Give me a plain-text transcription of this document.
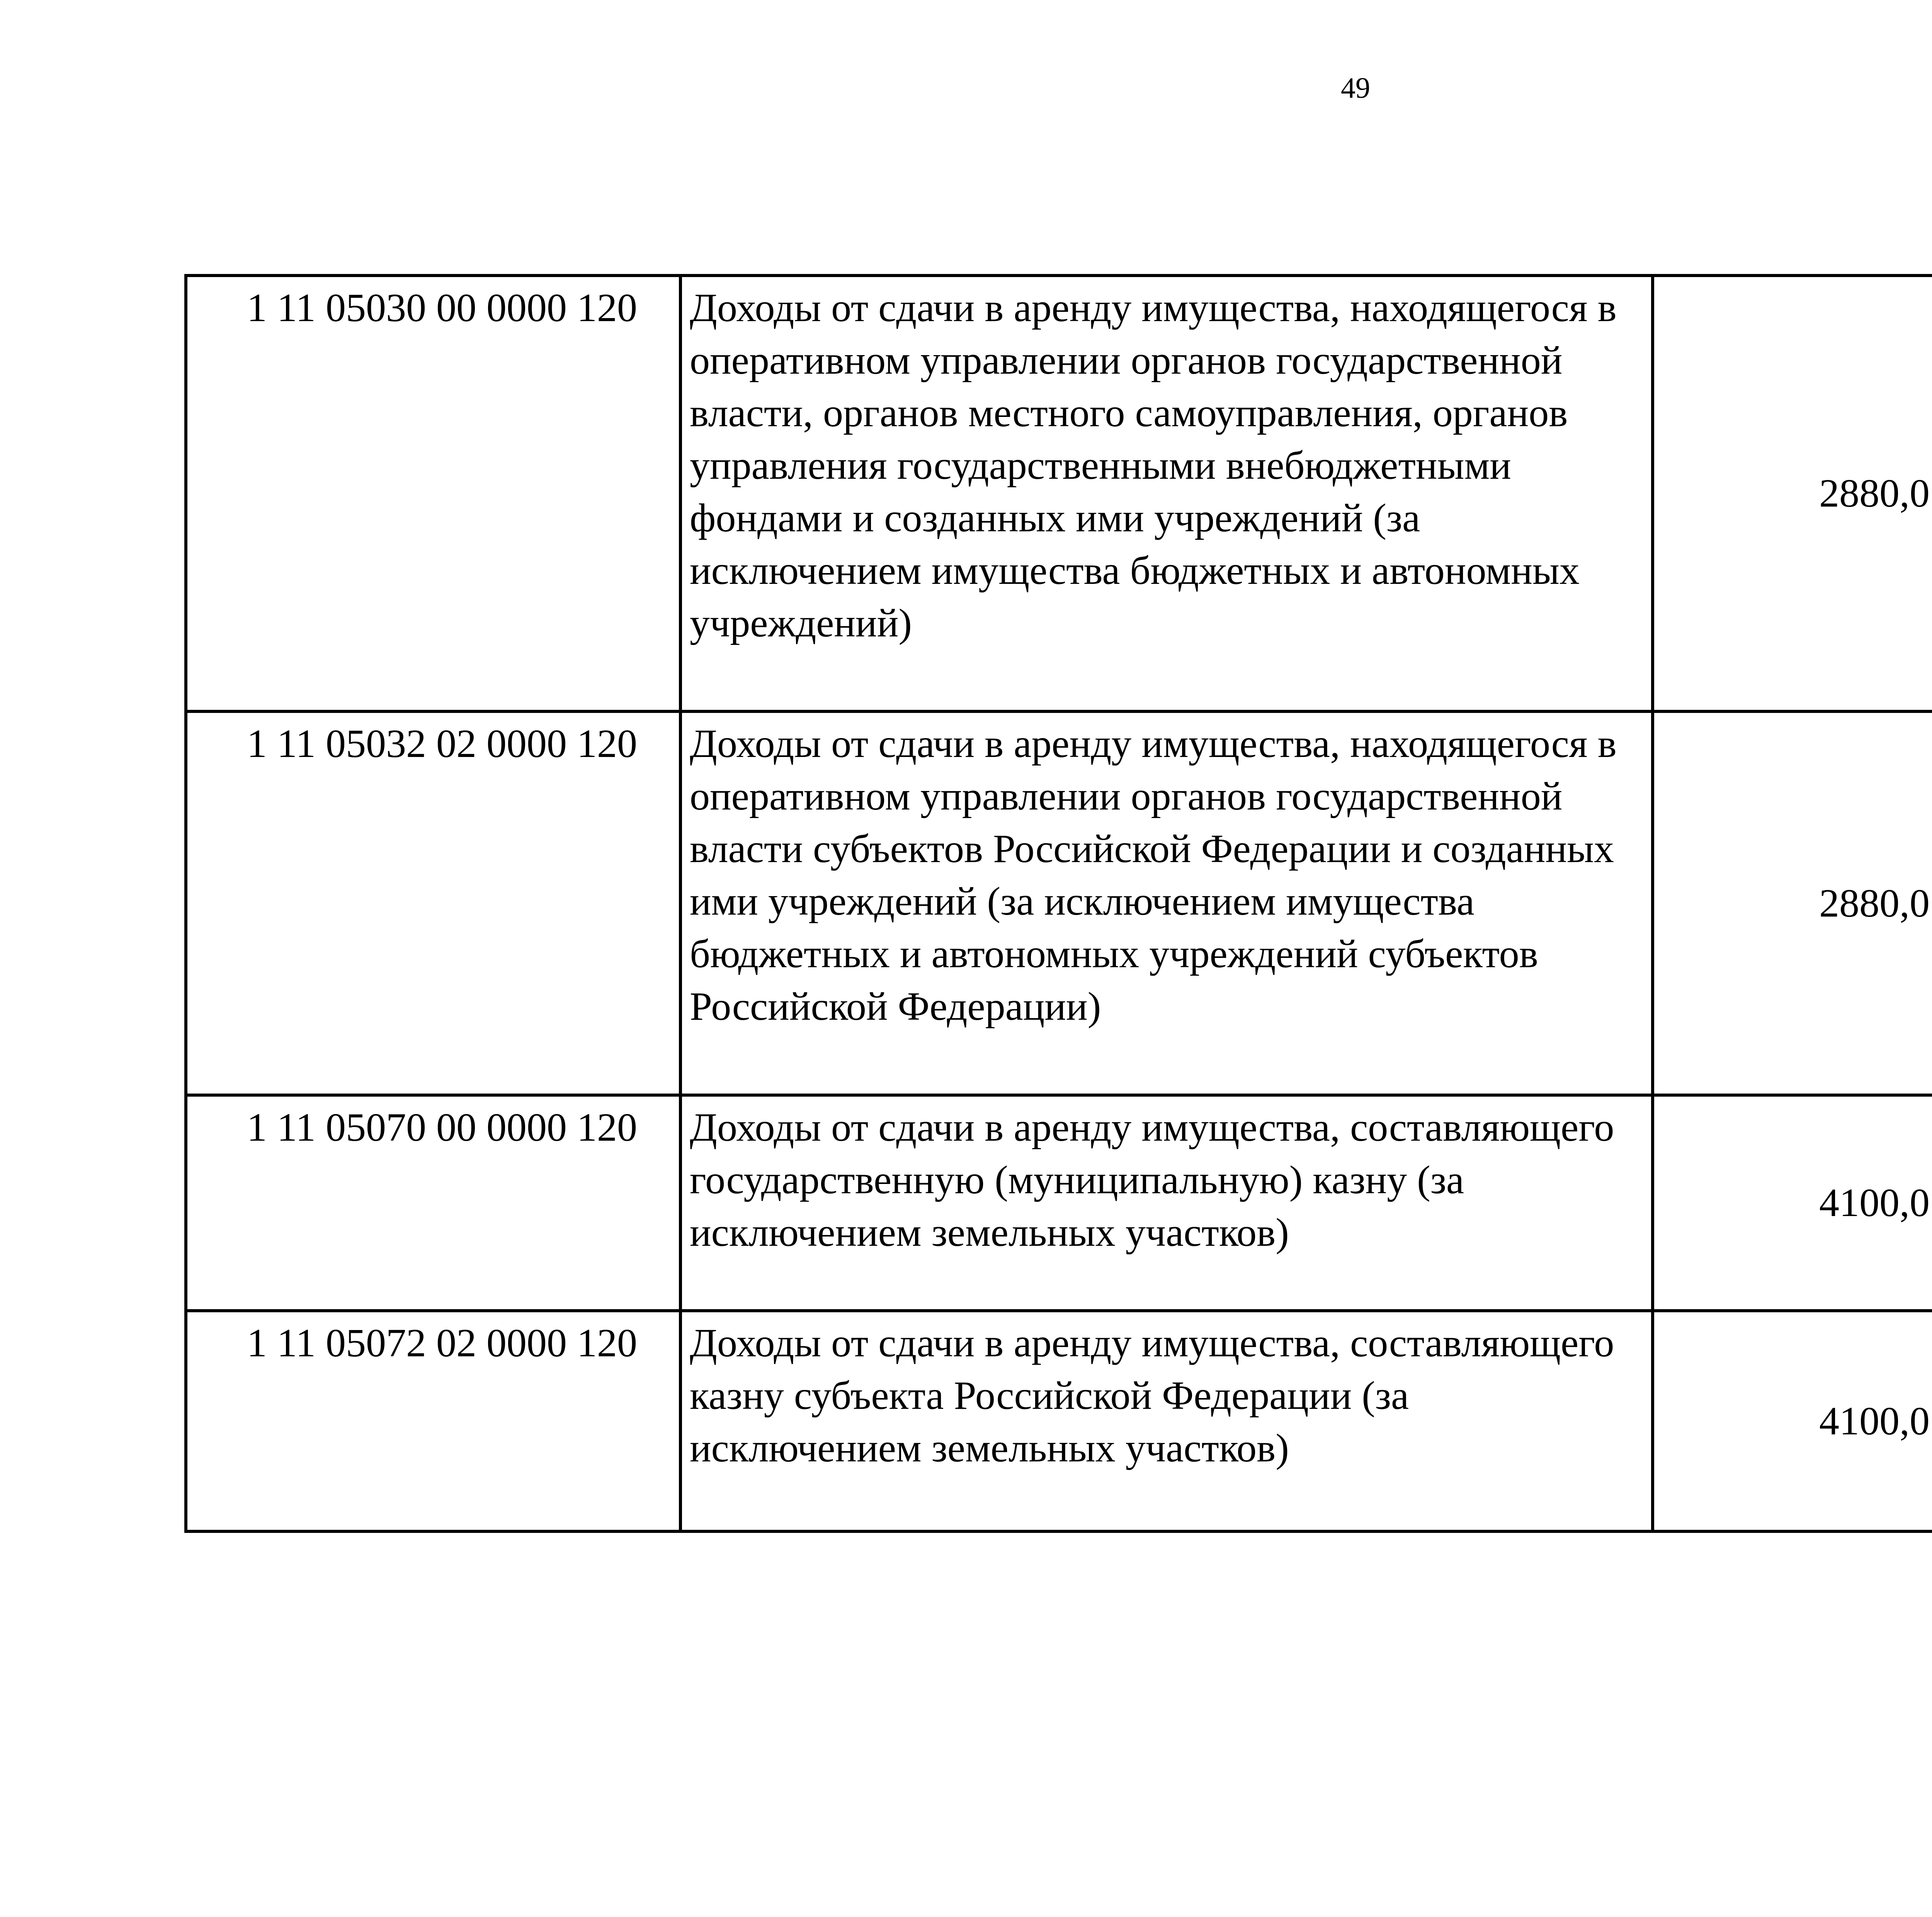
49
1 11 05030 00 0000 120	Доходы от сдачи в аренду имущества, находящегося в оперативном управлении органов государственной власти, органов местного самоуправления, органов управления государственными внебюджетными фондами и созданных ими учреждений (за исключением имущества бюджетных и автономных учреждений)	2880,0		
1 11 05032 02 0000 120	Доходы от сдачи в аренду имущества, находящегося в оперативном управлении органов государственной власти субъектов Российской Федерации и созданных ими учреждений (за исключением имущества бюджетных и автономных учреждений субъектов Российской Федерации)	2880,0		
1 11 05070 00 0000 120	Доходы от сдачи в аренду имущества, составляющего государственную (муниципальную) казну (за исключением земельных участков)	4100,0		
1 11 05072 02 0000 120	Доходы от сдачи в аренду имущества, составляющего казну субъекта Российской Федерации (за исключением земельных участков)	4100,0		
